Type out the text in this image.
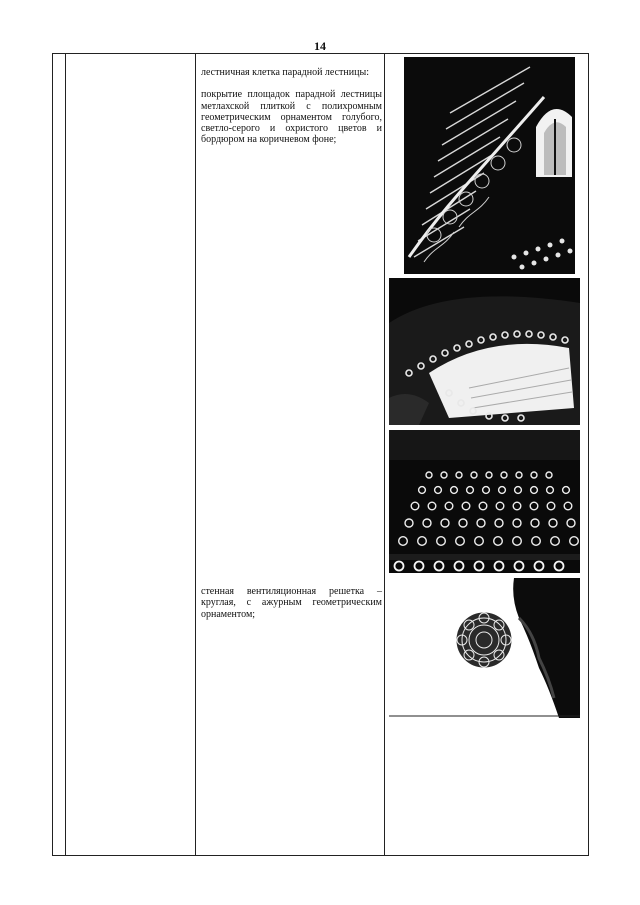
14

лестничная клетка парадной лестницы:

покрытие площадок парадной лестницы метлахской плиткой с полихромным геометрическим орнаментом голубого, светло-серого и охристого цветов и бордюром на коричневом фоне;

стенная вентиляционная решетка – круглая, с ажурным геометрическим орнаментом;
